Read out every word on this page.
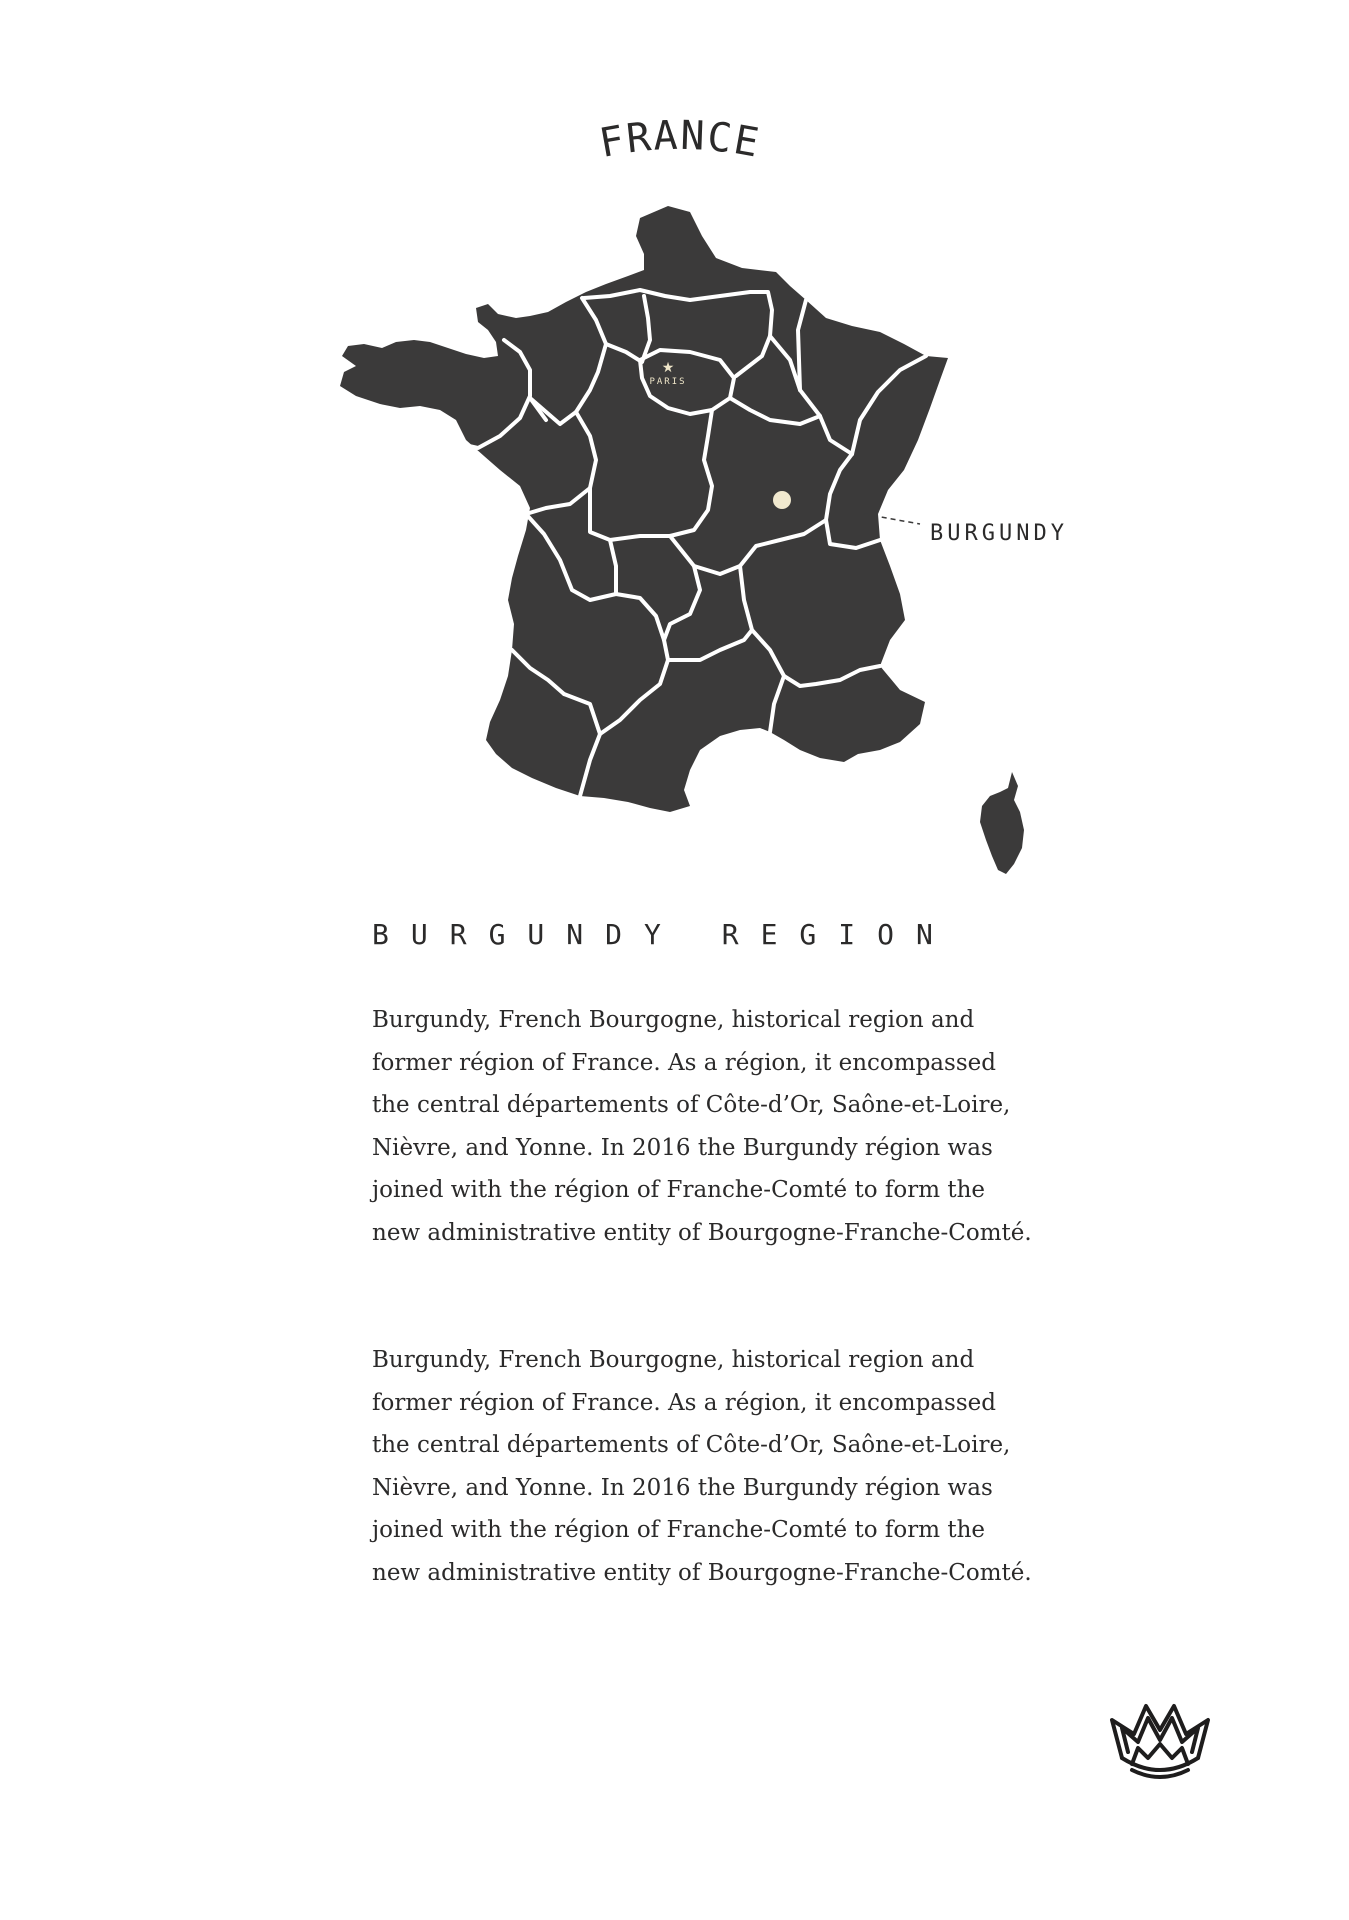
FRANCE
★
PARIS
BURGUNDY
BURGUNDY REGION

Burgundy, French Bourgogne, historical region and former région of France. As a région, it encompassed the central départements of Côte-d’Or, Saône-et-Loire, Nièvre, and Yonne. In 2016 the Burgundy région was joined with the région of Franche-Comté to form the new administrative entity of Bourgogne-Franche-Comté.

Burgundy, French Bourgogne, historical region and former région of France. As a région, it encompassed the central départements of Côte-d’Or, Saône-et-Loire, Nièvre, and Yonne. In 2016 the Burgundy région was joined with the région of Franche-Comté to form the new administrative entity of Bourgogne-Franche-Comté.
